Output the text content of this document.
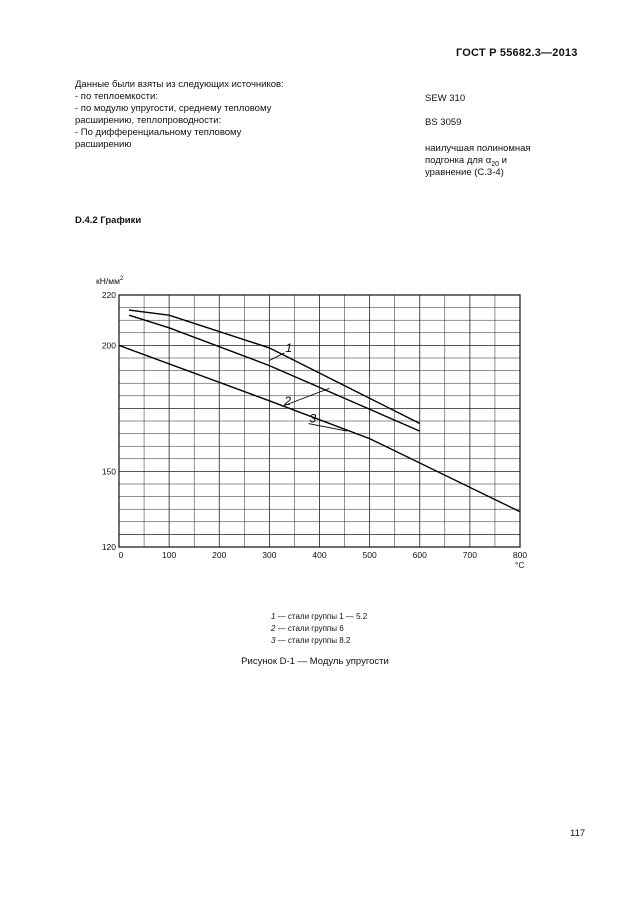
ГОСТ Р 55682.3—2013
Данные были взяты из следующих источников:
- по теплоемкости:
- по модулю упругости, среднему тепловому
расширению, теплопроводности:
- По дифференциальному тепловому
расширению
SEW 310
BS 3059
наилучшая полиномная
подгонка для $\alpha_{20}$ и
уравнение (С.3-4)
D.4.2 Графики
0	100	200	300	400	500	600	700	800
120
150
200
220
$кН/мм^2$
°С
1
2
3
1 — стали группы 1 — 5.2
2 — стали группы 6
3 — стали группы 8.2
Рисунок D-1 — Модуль упругости
117
